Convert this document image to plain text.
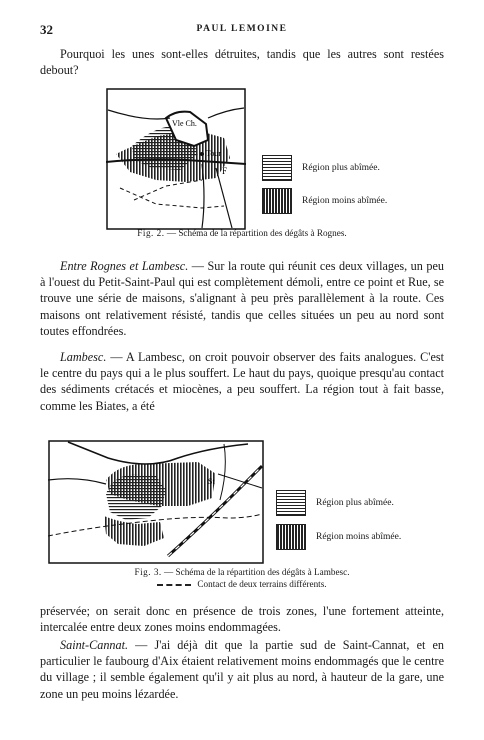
32	PAUL LEMOINE

Pourquoi les unes sont-elles détruites, tandis que les autres sont restées debout?

Vle Ch.
Tour
F	Région plus abîmée.
Région moins abîmée.
Fig. 2. — Schéma de la répartition des dégâts à Rognes.

Entre Rognes et Lambesc. — Sur la route qui réunit ces deux villages, un peu à l'ouest du Petit-Saint-Paul qui est complètement démoli, entre ce point et Rue, se trouve une série de maisons, s'alignant à peu près parallèlement à la route. Ces maisons ont relativement résisté, tandis que celles situées un peu au nord sont toutes effondrées.

Lambesc. — A Lambesc, on croit pouvoir observer des faits analogues. C'est le centre du pays qui a le plus souffert. Le haut du pays, quoique presqu'au contact des sédiments crétacés et miocènes, a peu souffert. La région tout à fait basse, comme les Biates, a été

St
Région plus abîmée.
Région moins abîmée.
Fig. 3. — Schéma de la répartition des dégâts à Lambesc.
Contact de deux terrains différents.

préservée; on serait donc en présence de trois zones, l'une fortement atteinte, intercalée entre deux zones moins endommagées.

Saint-Cannat. — J'ai déjà dit que la partie sud de Saint-Cannat, et en particulier le faubourg d'Aix étaient relativement moins endommagés que le centre du village ; il semble également qu'il y ait plus au nord, à hauteur de la gare, une zone un peu moins lézardée.
